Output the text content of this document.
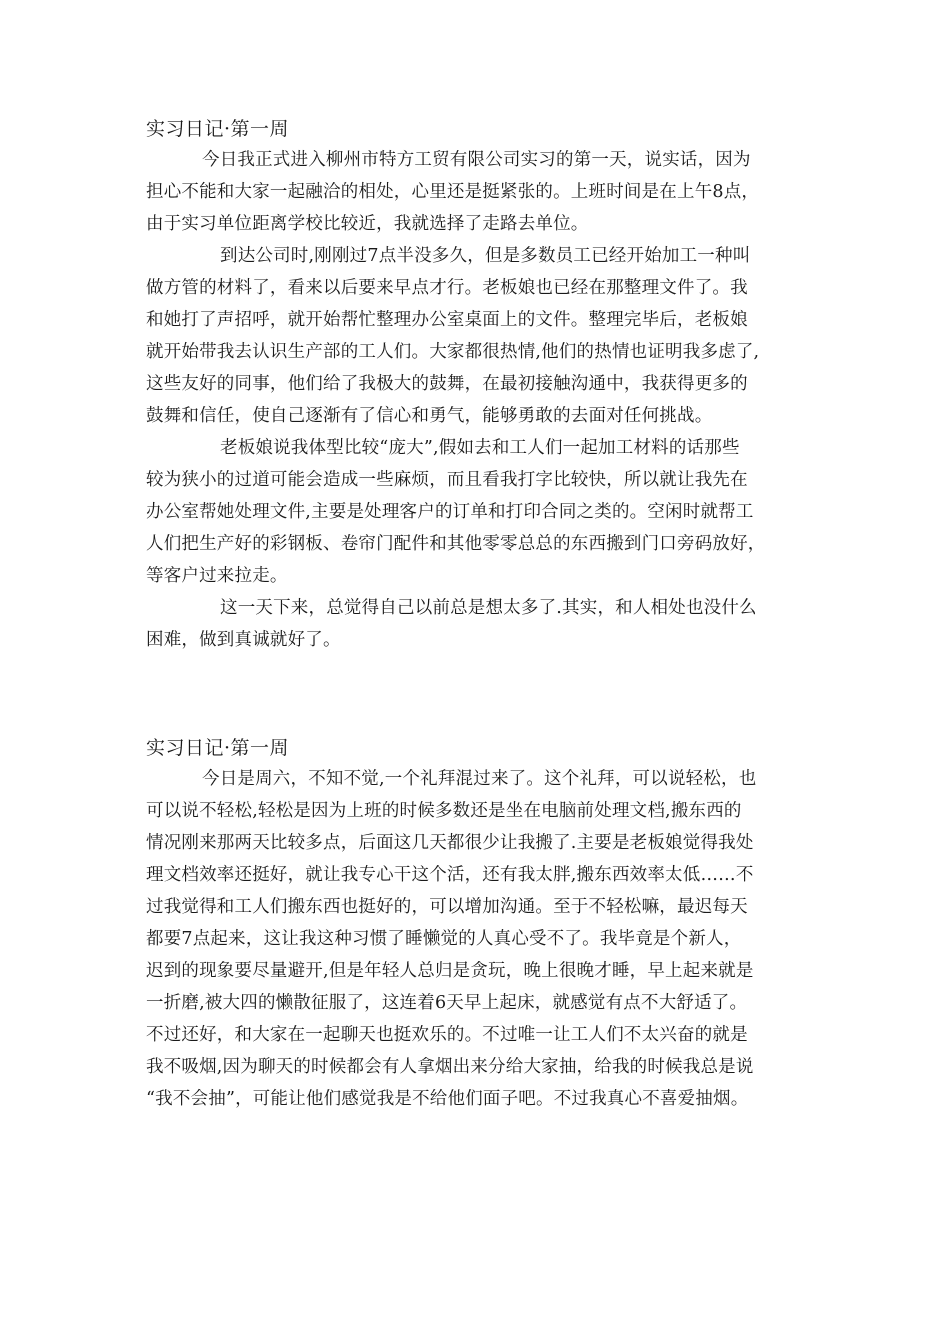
实习日记·第一周
今日我正式进入柳州市特方工贸有限公司实习的第一天，说实话，因为
担心不能和大家一起融洽的相处，心里还是挺紧张的。上班时间是在上午8点，
由于实习单位距离学校比较近，我就选择了走路去单位。
到达公司时,刚刚过7点半没多久，但是多数员工已经开始加工一种叫
做方管的材料了，看来以后要来早点才行。老板娘也已经在那整理文件了。我
和她打了声招呼，就开始帮忙整理办公室桌面上的文件。整理完毕后，老板娘
就开始带我去认识生产部的工人们。大家都很热情,他们的热情也证明我多虑了,
这些友好的同事，他们给了我极大的鼓舞，在最初接触沟通中，我获得更多的
鼓舞和信任，使自己逐渐有了信心和勇气，能够勇敢的去面对任何挑战。
老板娘说我体型比较“庞大”,假如去和工人们一起加工材料的话那些
较为狭小的过道可能会造成一些麻烦，而且看我打字比较快，所以就让我先在
办公室帮她处理文件,主要是处理客户的订单和打印合同之类的。空闲时就帮工
人们把生产好的彩钢板、卷帘门配件和其他零零总总的东西搬到门口旁码放好，
等客户过来拉走。
这一天下来，总觉得自己以前总是想太多了.其实，和人相处也没什么
困难，做到真诚就好了。
实习日记·第一周
今日是周六，不知不觉,一个礼拜混过来了。这个礼拜，可以说轻松，也
可以说不轻松,轻松是因为上班的时候多数还是坐在电脑前处理文档,搬东西的
情况刚来那两天比较多点，后面这几天都很少让我搬了.主要是老板娘觉得我处
理文档效率还挺好，就让我专心干这个活，还有我太胖,搬东西效率太低……不
过我觉得和工人们搬东西也挺好的，可以增加沟通。至于不轻松嘛，最迟每天
都要7点起来，这让我这种习惯了睡懒觉的人真心受不了。我毕竟是个新人，
迟到的现象要尽量避开,但是年轻人总归是贪玩，晚上很晚才睡，早上起来就是
一折磨,被大四的懒散征服了，这连着6天早上起床，就感觉有点不大舒适了。
不过还好，和大家在一起聊天也挺欢乐的。不过唯一让工人们不太兴奋的就是
我不吸烟,因为聊天的时候都会有人拿烟出来分给大家抽，给我的时候我总是说
“我不会抽”，可能让他们感觉我是不给他们面子吧。不过我真心不喜爱抽烟。
